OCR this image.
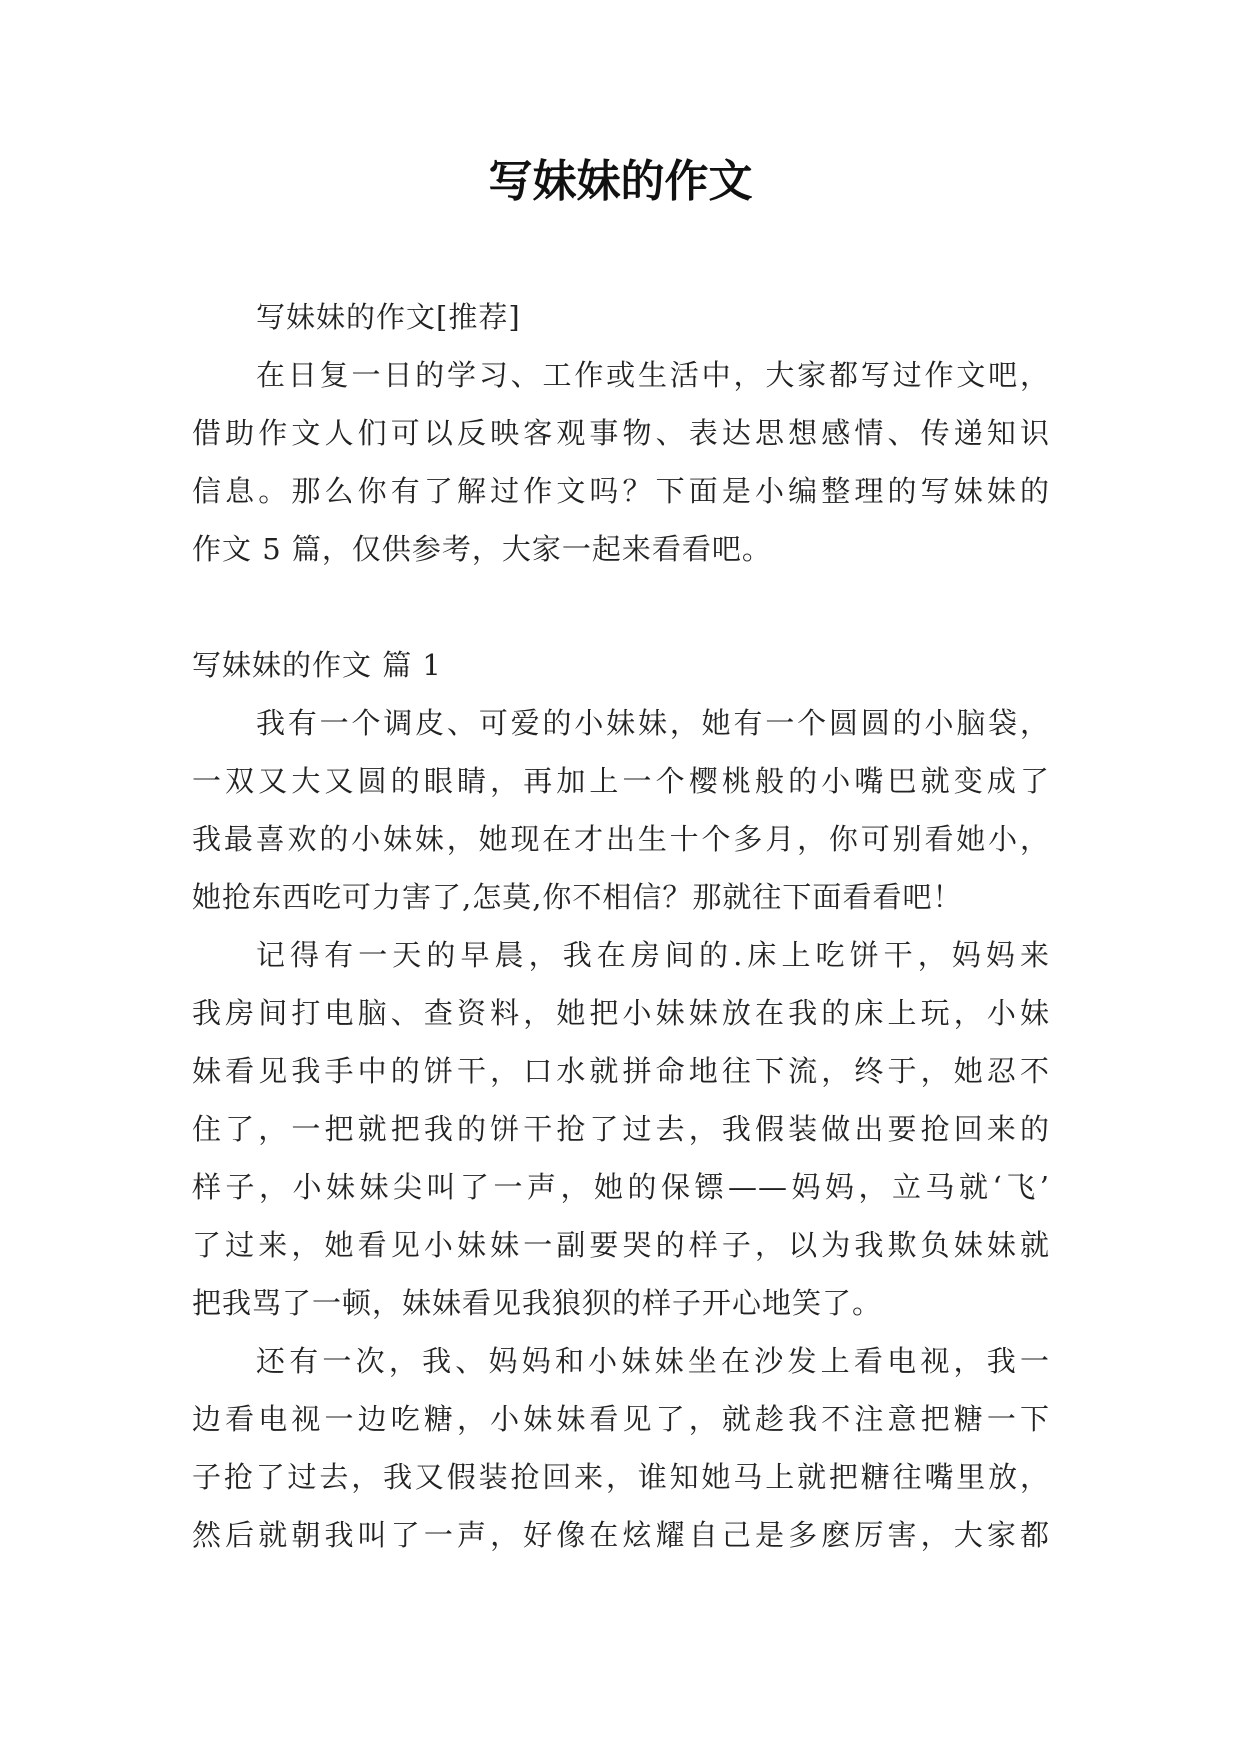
写妹妹的作文
写妹妹的作文[推荐]
在日复一日的学习、工作或生活中，大家都写过作文吧，
借助作文人们可以反映客观事物、表达思想感情、传递知识
信息。那么你有了解过作文吗？下面是小编整理的写妹妹的
作文 5 篇，仅供参考，大家一起来看看吧。
写妹妹的作文 篇 1
我有一个调皮、可爱的小妹妹，她有一个圆圆的小脑袋，
一双又大又圆的眼睛，再加上一个樱桃般的小嘴巴就变成了
我最喜欢的小妹妹，她现在才出生十个多月，你可别看她小，
她抢东西吃可力害了,怎莫,你不相信？那就往下面看看吧！
记得有一天的早晨，我在房间的.床上吃饼干，妈妈来
我房间打电脑、查资料，她把小妹妹放在我的床上玩，小妹
妹看见我手中的饼干，口水就拼命地往下流，终于，她忍不
住了，一把就把我的饼干抢了过去，我假装做出要抢回来的
样子，小妹妹尖叫了一声，她的保镖——妈妈，立马就‘飞’
了过来，她看见小妹妹一副要哭的样子，以为我欺负妹妹就
把我骂了一顿，妹妹看见我狼狈的样子开心地笑了。
还有一次，我、妈妈和小妹妹坐在沙发上看电视，我一
边看电视一边吃糖，小妹妹看见了，就趁我不注意把糖一下
子抢了过去，我又假装抢回来，谁知她马上就把糖往嘴里放，
然后就朝我叫了一声，好像在炫耀自己是多麽厉害，大家都
